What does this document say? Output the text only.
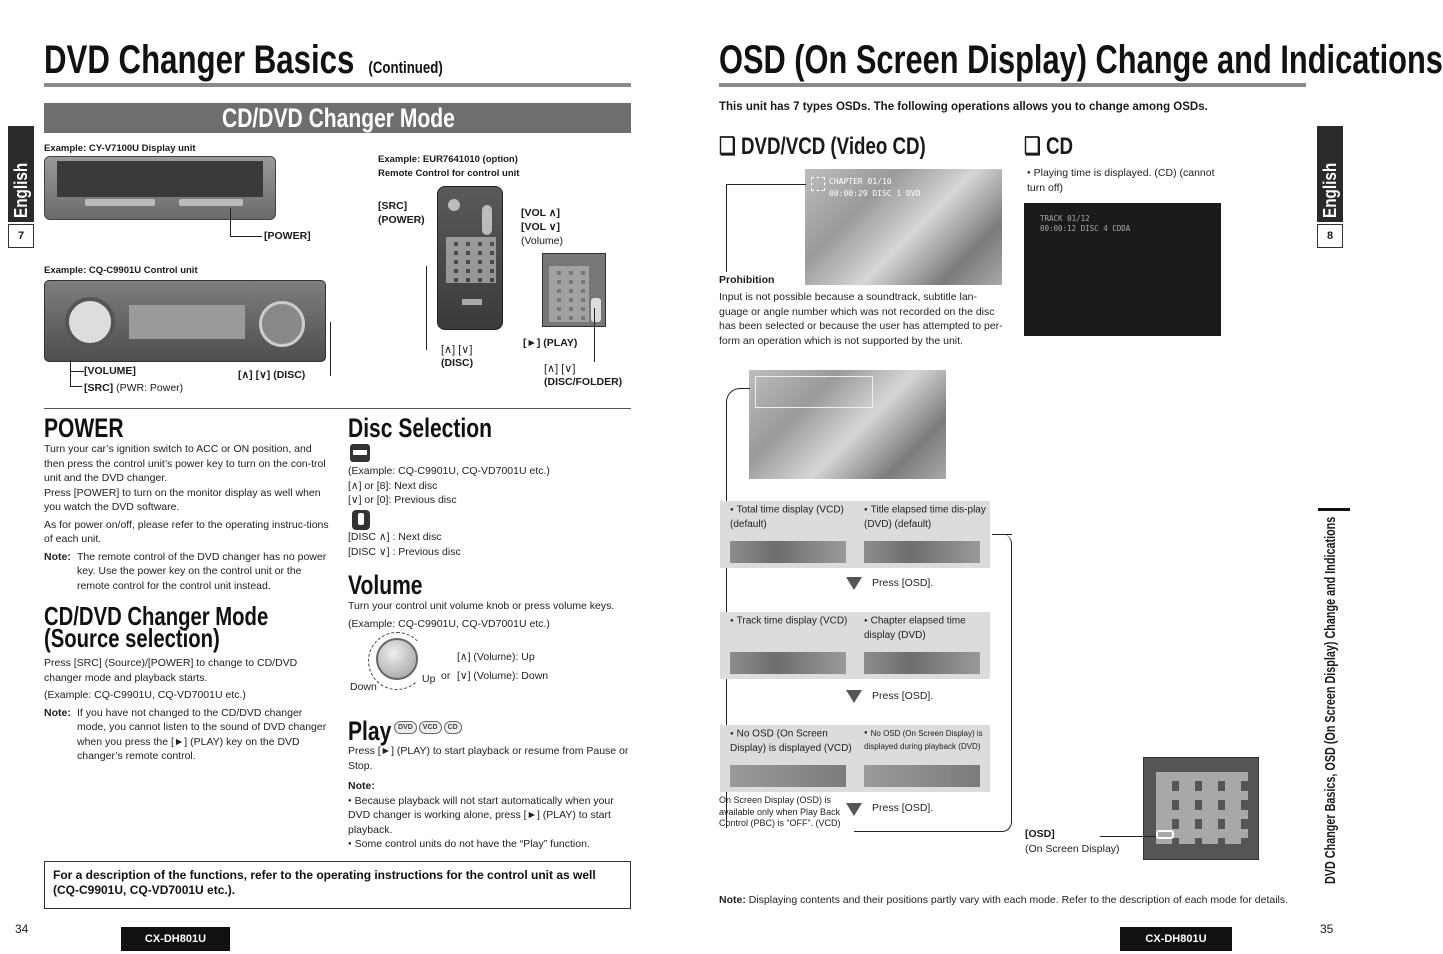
DVD Changer Basics (Continued)
English
7
CD/DVD Changer Mode
Example: CY-V7100U Display unit
[POWER]
Example: CQ-C9901U Control unit
[VOLUME]
[SRC] (PWR: Power)
[∧] [∨] (DISC)
Example: EUR7641010 (option)
Remote Control for control unit
[SRC]
(POWER)
[VOL ∧]
[VOL ∨]
(Volume)
[∧] [∨]
(DISC)
[►] (PLAY)
[∧] [∨]
(DISC/FOLDER)
POWER

Turn your car’s ignition switch to ACC or ON position, and then press the control unit’s power key to turn on the con-trol unit and the DVD changer.

Press [POWER] to turn on the monitor display as well when you watch the DVD software.

As for power on/off, please refer to the operating instruc-tions of each unit.

Note: The remote control of the DVD changer has no power key. Use the power key on the control unit or the remote control for the control unit instead.
CD/DVD Changer Mode
(Source selection)

Press [SRC] (Source)/[POWER] to change to CD/DVD changer mode and playback starts.

(Example: CQ-C9901U, CQ-VD7001U etc.)

Note: If you have not changed to the CD/DVD changer mode, you cannot listen to the sound of DVD changer when you press the [►] (PLAY) key on the DVD changer’s remote control.
Disc Selection

(Example: CQ-C9901U, CQ-VD7001U etc.)

[∧] or [8]: Next disc

[∨] or [0]: Previous disc

[DISC ∧] : Next disc

[DISC ∨] : Previous disc

Volume

Turn your control unit volume knob or press volume keys.

(Example: CQ-C9901U, CQ-VD7001U etc.)

Down
Up or
[∧] (Volume): Up
[∨] (Volume): Down
Play DVD VCD CD

Press [►] (PLAY) to start playback or resume from Pause or Stop.

Note:

● Because playback will not start automatically when your DVD changer is working alone, press [►] (PLAY) to start playback.

● Some control units do not have the “Play” function.

For a description of the functions, refer to the operating instructions for the control unit as well (CQ-C9901U, CQ-VD7001U etc.).
34
CX-DH801U
OSD (On Screen Display) Change and Indications
This unit has 7 types OSDs. The following operations allows you to change among OSDs.
❏ DVD/VCD (Video CD)	❏ CD
CHAPTER 01/10
00:00:29 DISC 1 DVD
Prohibition
Input is not possible because a soundtrack, subtitle lan-guage or angle number which was not recorded on the disc has been selected or because the user has attempted to per-form an operation which is not supported by the unit.
● Playing time is displayed. (CD) (cannot turn off)
TRACK 01/12
00:00:12 DISC 4 CDDA
● Total time display (VCD) (default)
● Title elapsed time dis-play (DVD) (default)
Press [OSD].
● Track time display (VCD)
●	Chapter elapsed time display (DVD)
Press [OSD].
● No OSD (On Screen Display) is displayed (VCD)
● No OSD (On Screen Display) is displayed during playback (DVD)
Press [OSD].
On Screen Display (OSD) is available only when Play Back Control (PBC) is “OFF”. (VCD)
[OSD]
(On Screen Display)
Note: Displaying contents and their positions partly vary with each mode. Refer to the description of each mode for details.
English
8
DVD Changer Basics, OSD (On Screen Display) Change and Indications
35
CX-DH801U
